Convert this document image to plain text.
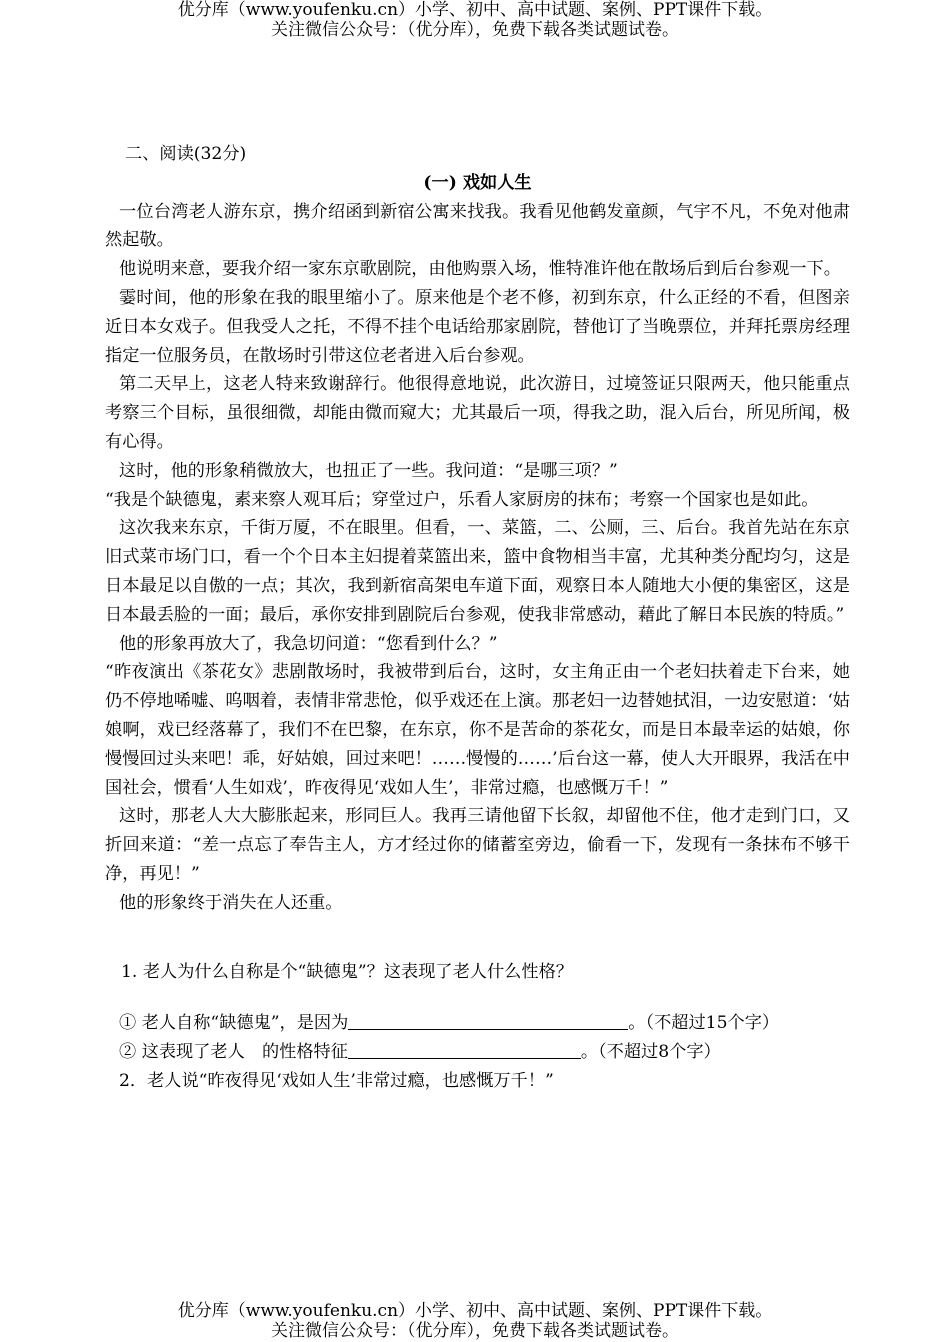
优分库（www.youfenku.cn）小学、初中、高中试题、案例、PPT课件下载。
关注微信公众号：（优分库），免费下载各类试题试卷。

二、阅读(32分)

(一) 戏如人生

一位台湾老人游东京，携介绍函到新宿公寓来找我。我看见他鹤发童颜，气宇不凡，不免对他肃然起敬。

他说明来意，要我介绍一家东京歌剧院，由他购票入场，惟特准许他在散场后到后台参观一下。

霎时间，他的形象在我的眼里缩小了。原来他是个老不修，初到东京，什么正经的不看，但图亲近日本女戏子。但我受人之托，不得不挂个电话给那家剧院，替他订了当晚票位，并拜托票房经理指定一位服务员，在散场时引带这位老者进入后台参观。

第二天早上，这老人特来致谢辞行。他很得意地说，此次游日，过境签证只限两天，他只能重点考察三个目标，虽很细微，却能由微而窥大；尤其最后一项，得我之助，混入后台，所见所闻，极有心得。

这时，他的形象稍微放大，也扭正了一些。我问道：“是哪三项？”

“我是个缺德鬼，素来察人观耳后；穿堂过户，乐看人家厨房的抹布；考察一个国家也是如此。

这次我来东京，千街万厦，不在眼里。但看，一、菜篮，二、公厕，三、后台。我首先站在东京旧式菜市场门口，看一个个日本主妇提着菜篮出来，篮中食物相当丰富，尤其种类分配均匀，这是日本最足以自傲的一点；其次，我到新宿高架电车道下面，观察日本人随地大小便的集密区，这是日本最丢脸的一面；最后，承你安排到剧院后台参观，使我非常感动，藉此了解日本民族的特质。”

他的形象再放大了，我急切问道：“您看到什么？”

“昨夜演出《茶花女》悲剧散场时，我被带到后台，这时，女主角正由一个老妇扶着走下台来，她仍不停地唏嘘、呜咽着，表情非常悲怆，似乎戏还在上演。那老妇一边替她拭泪，一边安慰道：‘姑娘啊，戏已经落幕了，我们不在巴黎，在东京，你不是苦命的茶花女，而是日本最幸运的姑娘，你慢慢回过头来吧！乖，好姑娘，回过来吧！……慢慢的……’后台这一幕，使人大开眼界，我活在中国社会，惯看‘人生如戏’，昨夜得见‘戏如人生’，非常过瘾，也感慨万千！”

这时，那老人大大膨胀起来，形同巨人。我再三请他留下长叙，却留他不住，他才走到门口，又折回来道：“差一点忘了奉告主人，方才经过你的储蓄室旁边，偷看一下，发现有一条抹布不够干净，再见！”

他的形象终于消失在人还重。

1. 老人为什么自称是个“缺德鬼”？这表现了老人什么性格？

① 老人自称“缺德鬼”，是因为	。（不超过15个字）

② 这表现了老人　的性格特征	。（不超过8个字）

2．老人说“昨夜得见‘戏如人生’非常过瘾，也感慨万千！”

优分库（www.youfenku.cn）小学、初中、高中试题、案例、PPT课件下载。
关注微信公众号：（优分库），免费下载各类试题试卷。
